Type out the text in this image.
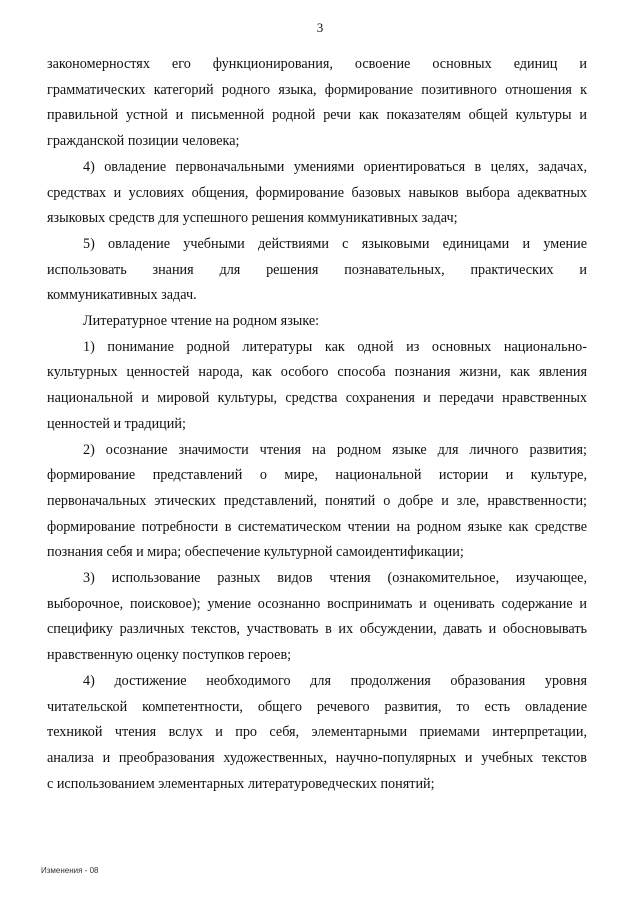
3

закономерностях его функционирования, освоение основных единиц и
грамматических категорий родного языка, формирование позитивного отношения к
правильной устной и письменной родной речи как показателям общей культуры и
гражданской позиции человека;

4) овладение первоначальными умениями ориентироваться в целях, задачах,
средствах и условиях общения, формирование базовых навыков выбора адекватных
языковых средств для успешного решения коммуникативных задач;

5) овладение учебными действиями с языковыми единицами и умение
использовать знания для решения познавательных, практических и
коммуникативных задач.

Литературное чтение на родном языке:

1) понимание родной литературы как одной из основных национально-
культурных ценностей народа, как особого способа познания жизни, как явления
национальной и мировой культуры, средства сохранения и передачи нравственных
ценностей и традиций;

2) осознание значимости чтения на родном языке для личного развития;
формирование представлений о мире, национальной истории и культуре,
первоначальных этических представлений, понятий о добре и зле, нравственности;
формирование потребности в систематическом чтении на родном языке как средстве
познания себя и мира; обеспечение культурной самоидентификации;

3) использование разных видов чтения (ознакомительное, изучающее,
выборочное, поисковое); умение осознанно воспринимать и оценивать содержание и
специфику различных текстов, участвовать в их обсуждении, давать и обосновывать
нравственную оценку поступков героев;

4) достижение необходимого для продолжения образования уровня
читательской компетентности, общего речевого развития, то есть овладение
техникой чтения вслух и про себя, элементарными приемами интерпретации,
анализа и преобразования художественных, научно-популярных и учебных текстов
с использованием элементарных литературоведческих понятий;

Изменения - 08
